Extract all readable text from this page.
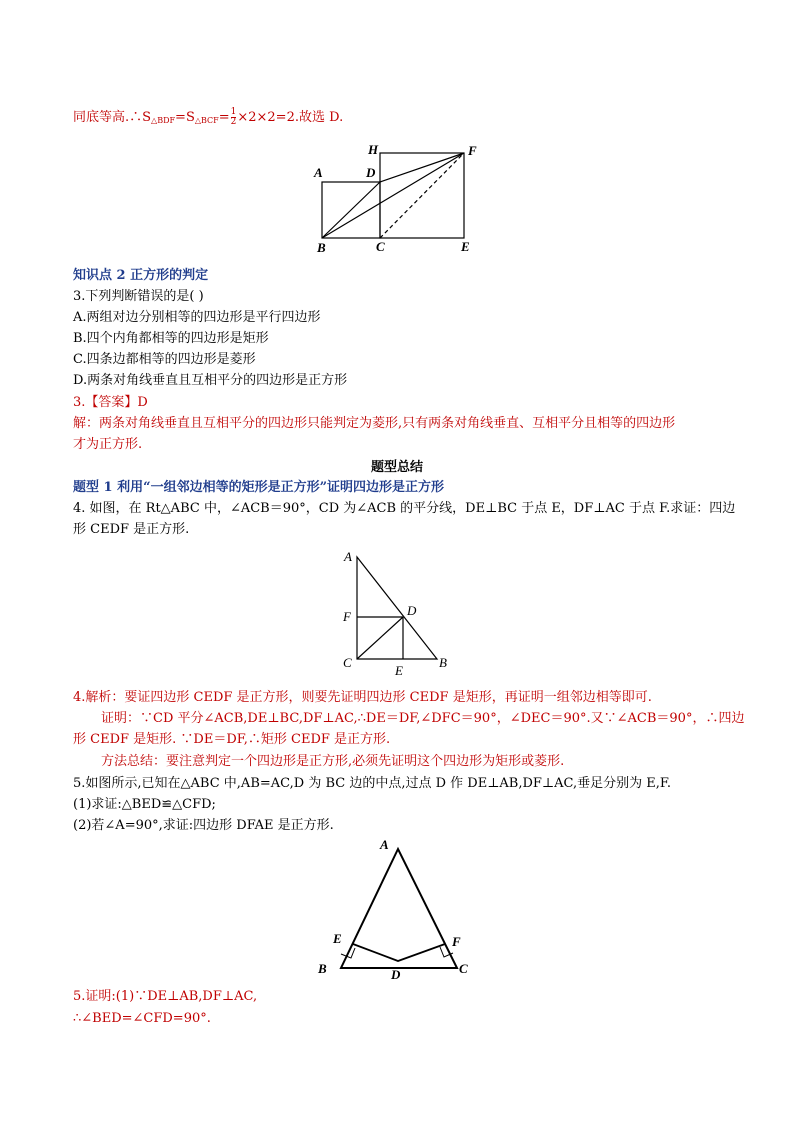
同底等高$.\therefore S_{\triangle BDF}=S_{\triangle BCF}= \frac{1}{2} \times 2\times 2=2$.故选 D.
H	F
A	D
B	C	E
知识点 2 正方形的判定
3.下列判断错误的是( )
A.两组对边分别相等的四边形是平行四边形
B.四个内角都相等的四边形是矩形
C.四条边都相等的四边形是菱形
D.两条对角线垂直且互相平分的四边形是正方形
3.【答案】D
解：两条对角线垂直且互相平分的四边形只能判定为菱形,只有两条对角线垂直、互相平分且相等的四边形
才为正方形.
题型总结
题型 1 利用“一组邻边相等的矩形是正方形”证明四边形是正方形
4. 如图，在 Rt△ABC 中，∠ACB＝90°，CD 为∠ACB 的平分线，DE⊥BC 于点 E，DF⊥AC 于点 F.求证：四边
形 CEDF 是正方形.
A
F	D
C
E
B
4.解析：要证四边形 CEDF 是正方形，则要先证明四边形 CEDF 是矩形，再证明一组邻边相等即可.
证明：∵CD 平分∠ACB,DE⊥BC,DF⊥AC,∴DE＝DF,∠DFC＝90°，∠DEC＝90°.又∵∠ACB＝90°，∴四边
形 CEDF 是矩形. ∵DE＝DF,∴矩形 CEDF 是正方形.
方法总结：要注意判定一个四边形是正方形,必须先证明这个四边形为矩形或菱形.
5.如图所示,已知在△ABC 中,AB=AC,D 为 BC 边的中点,过点 D 作 DE⊥AB,DF⊥AC,垂足分别为 E,F.
(1)求证:△BED≌△CFD;
(2)若∠A=90°,求证:四边形 DFAE 是正方形.
A
E	F
B	D	C
5.证明:(1)∵DE⊥AB,DF⊥AC,
∴∠BED=∠CFD=90°.
